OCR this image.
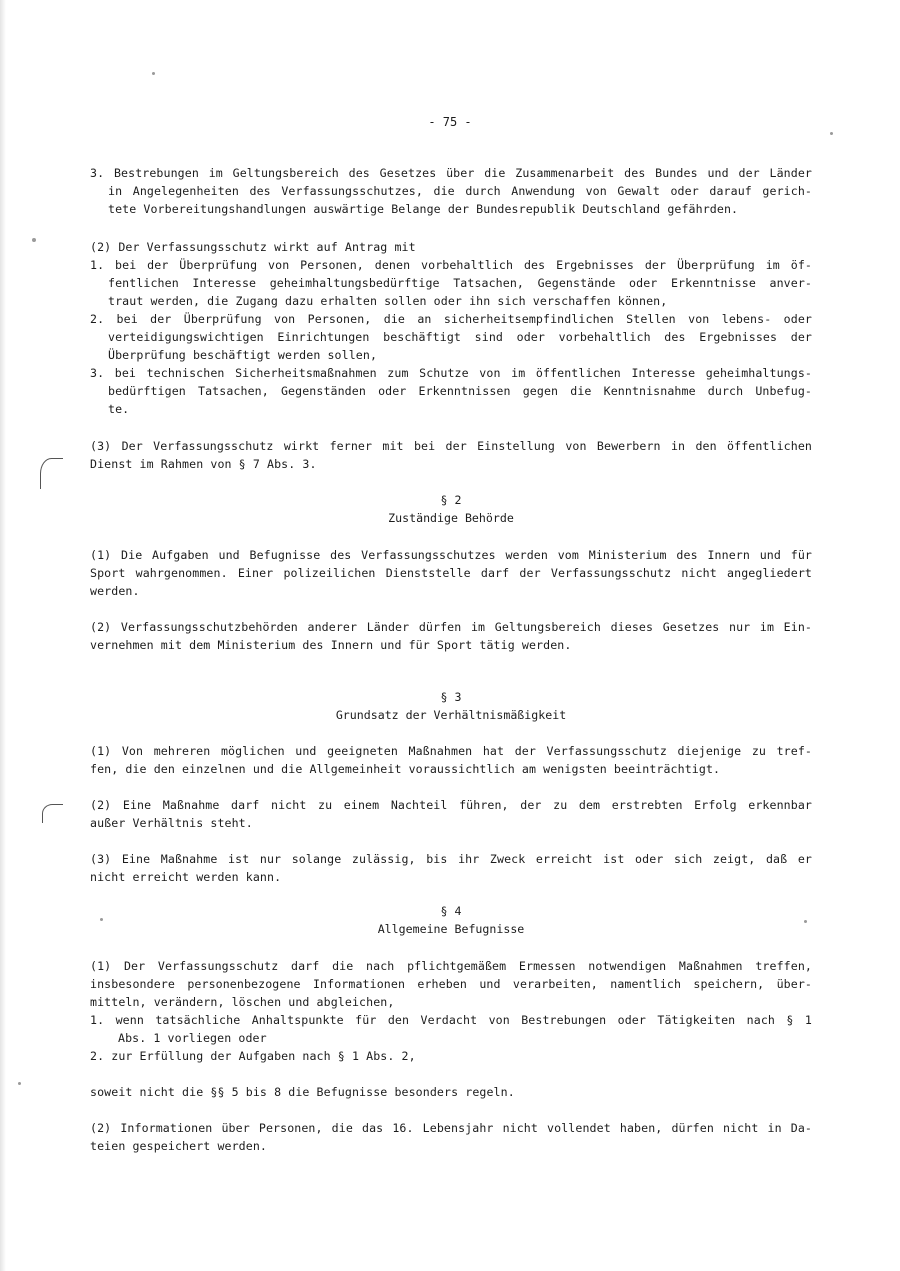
- 75 -
3. Bestrebungen im Geltungsbereich des Gesetzes über die Zusammenarbeit des Bundes und der Länder
in Angelegenheiten des Verfassungsschutzes, die durch Anwendung von Gewalt oder darauf gerich-
tete Vorbereitungshandlungen auswärtige Belange der Bundesrepublik Deutschland gefährden.
(2) Der Verfassungsschutz wirkt auf Antrag mit
1. bei der Überprüfung von Personen, denen vorbehaltlich des Ergebnisses der Überprüfung im öf-
fentlichen Interesse geheimhaltungsbedürftige Tatsachen, Gegenstände oder Erkenntnisse anver-
traut werden, die Zugang dazu erhalten sollen oder ihn sich verschaffen können,
2. bei der Überprüfung von Personen, die an sicherheitsempfindlichen Stellen von lebens- oder
verteidigungswichtigen Einrichtungen beschäftigt sind oder vorbehaltlich des Ergebnisses der
Überprüfung beschäftigt werden sollen,
3. bei technischen Sicherheitsmaßnahmen zum Schutze von im öffentlichen Interesse geheimhaltungs-
bedürftigen Tatsachen, Gegenständen oder Erkenntnissen gegen die Kenntnisnahme durch Unbefug-
te.
(3) Der Verfassungsschutz wirkt ferner mit bei der Einstellung von Bewerbern in den öffentlichen
Dienst im Rahmen von § 7 Abs. 3.
§ 2
Zuständige Behörde
(1) Die Aufgaben und Befugnisse des Verfassungsschutzes werden vom Ministerium des Innern und für
Sport wahrgenommen. Einer polizeilichen Dienststelle darf der Verfassungsschutz nicht angegliedert
werden.
(2) Verfassungsschutzbehörden anderer Länder dürfen im Geltungsbereich dieses Gesetzes nur im Ein-
vernehmen mit dem Ministerium des Innern und für Sport tätig werden.
§ 3
Grundsatz der Verhältnismäßigkeit
(1) Von mehreren möglichen und geeigneten Maßnahmen hat der Verfassungsschutz diejenige zu tref-
fen, die den einzelnen und die Allgemeinheit voraussichtlich am wenigsten beeinträchtigt.
(2) Eine Maßnahme darf nicht zu einem Nachteil führen, der zu dem erstrebten Erfolg erkennbar
außer Verhältnis steht.
(3) Eine Maßnahme ist nur solange zulässig, bis ihr Zweck erreicht ist oder sich zeigt, daß er
nicht erreicht werden kann.
§ 4
Allgemeine Befugnisse
(1) Der Verfassungsschutz darf die nach pflichtgemäßem Ermessen notwendigen Maßnahmen treffen,
insbesondere personenbezogene Informationen erheben und verarbeiten, namentlich speichern, über-
mitteln, verändern, löschen und abgleichen,
1. wenn tatsächliche Anhaltspunkte für den Verdacht von Bestrebungen oder Tätigkeiten nach § 1
Abs. 1 vorliegen oder
2. zur Erfüllung der Aufgaben nach § 1 Abs. 2,
soweit nicht die §§ 5 bis 8 die Befugnisse besonders regeln.
(2) Informationen über Personen, die das 16. Lebensjahr nicht vollendet haben, dürfen nicht in Da-
teien gespeichert werden.
